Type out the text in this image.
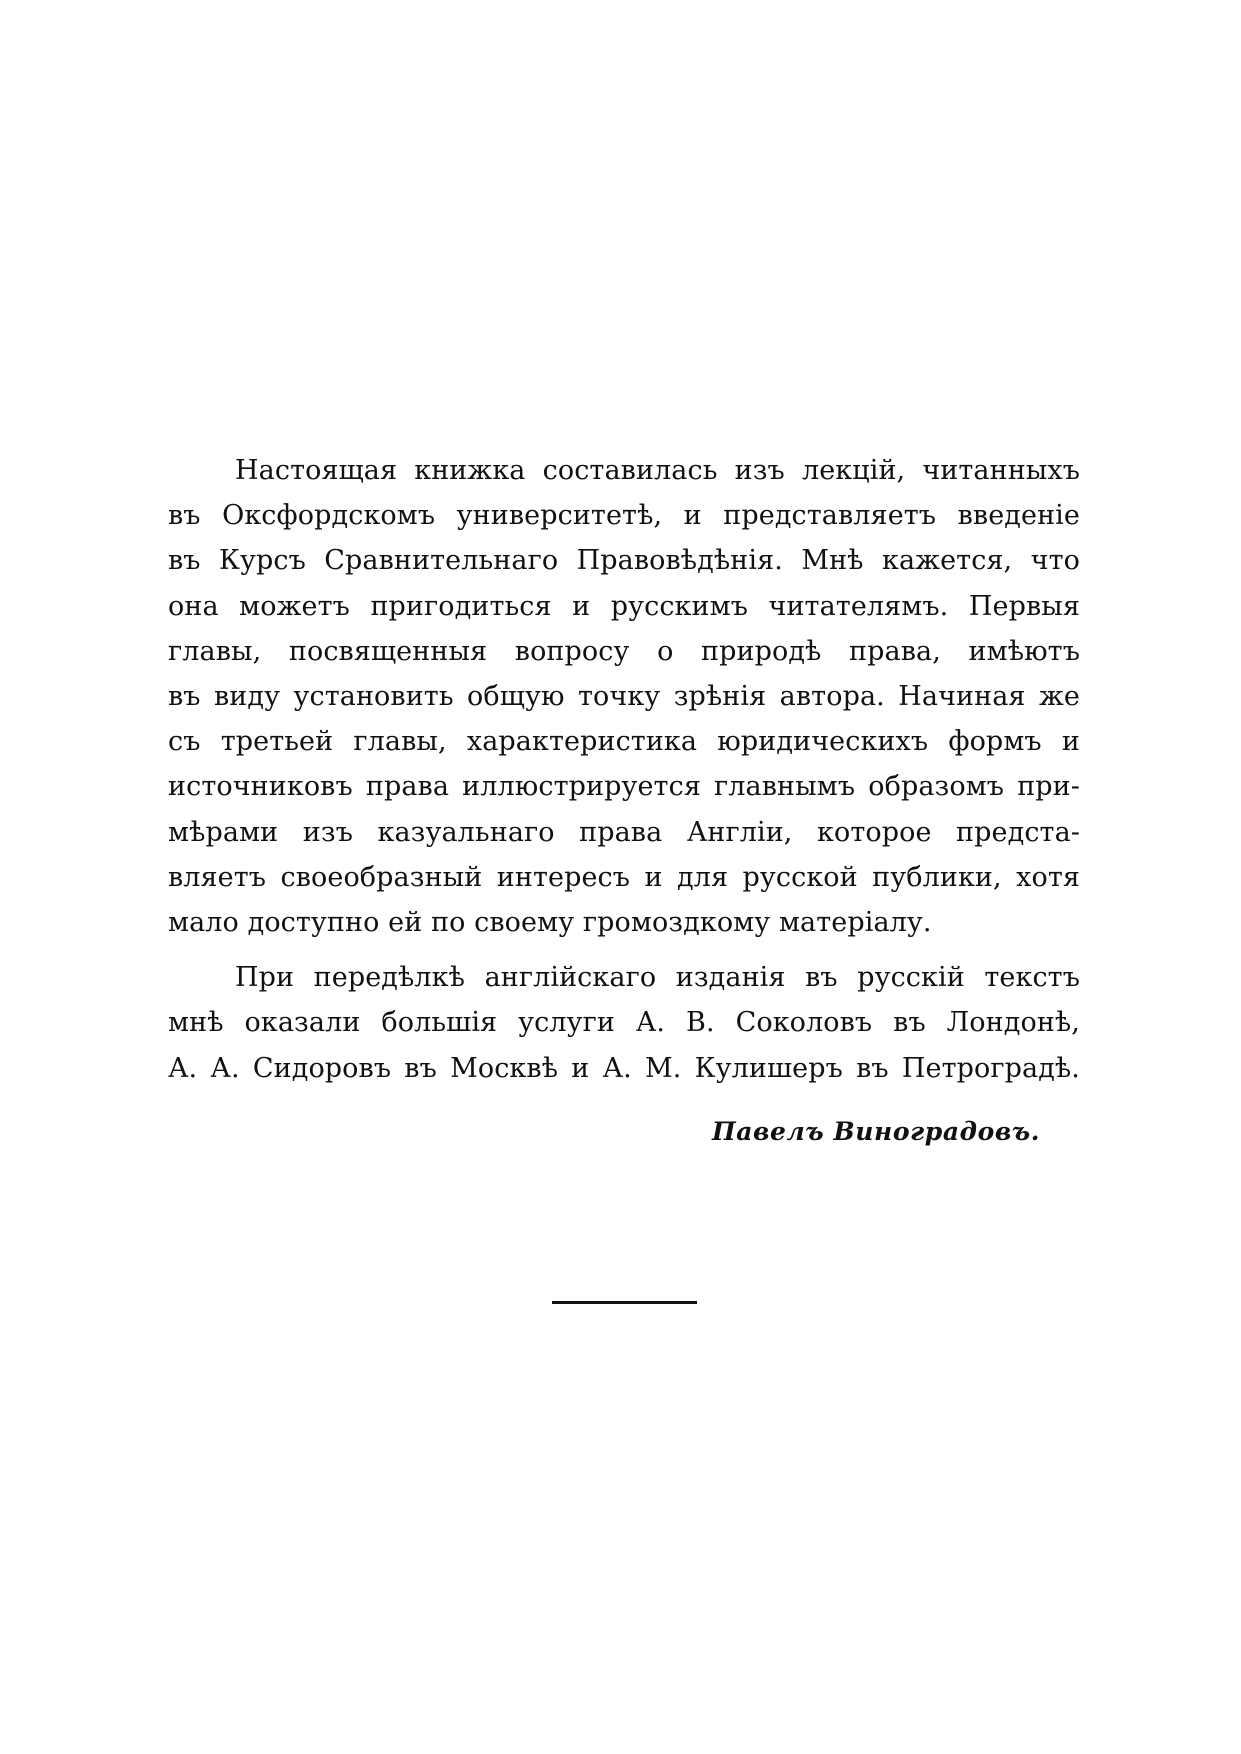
Настоящая книжка составилась изъ лекцій, читанныхъ
въ Оксфордскомъ университетѣ, и представляетъ введеніе
въ Курсъ Сравнительнаго Правовѣдѣнія. Мнѣ кажется, что
она можетъ пригодиться и русскимъ читателямъ. Первыя
главы, посвященныя вопросу о природѣ права, имѣютъ
въ виду установить общую точку зрѣнія автора. Начиная же
съ третьей главы, характеристика юридическихъ формъ и
источниковъ права иллюстрируется главнымъ образомъ при-
мѣрами изъ казуальнаго права Англіи, которое предста-
вляетъ своеобразный интересъ и для русской публики, хотя
мало доступно ей по своему громоздкому матеріалу.
При передѣлкѣ англійскаго изданія въ русскій текстъ
мнѣ оказали большія услуги А. В. Соколовъ въ Лондонѣ,
А. А. Сидоровъ въ Москвѣ и А. М. Кулишеръ въ Петроградѣ.
Павелъ Виноградовъ.
